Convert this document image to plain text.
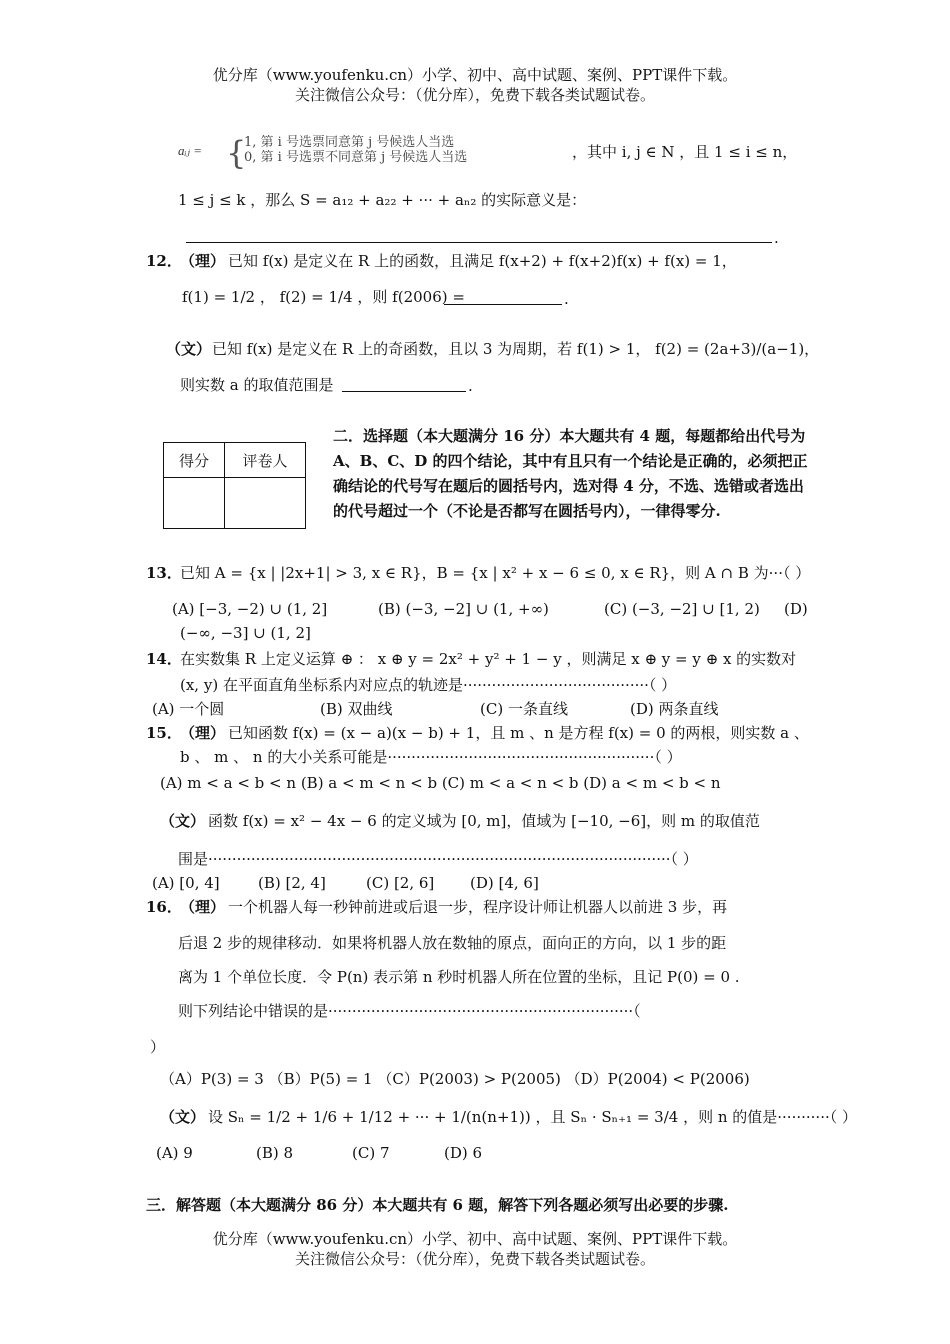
优分库（www.youfenku.cn）小学、初中、高中试题、案例、PPT课件下载。
关注微信公众号：（优分库），免费下载各类试题试卷。
aᵢⱼ = {
1, 第 i 号选票同意第 j 号候选人当选
0, 第 i 号选票不同意第 j 号候选人当选	，其中 i, j ∈ N ，且 1 ≤ i ≤ n，
1 ≤ j ≤ k ，那么 S = a₁₂ + a₂₂ + ··· + aₙ₂ 的实际意义是：
.
12．
（理） 已知 f(x) 是定义在 R 上的函数，且满足 f(x+2) + f(x+2)f(x) + f(x) = 1，
f(1) = 1/2 ， f(2) = 1/4 ，则 f(2006) =	.
（文） 已知 f(x) 是定义在 R 上的奇函数，且以 3 为周期，若 f(1) > 1， f(2) = (2a+3)/(a−1)，
则实数 a 的取值范围是	.
得分	评卷人

二．选择题（本大题满分 16 分）本大题共有 4 题，每题都给出代号为 A、B、C、D 的四个结论，其中有且只有一个结论是正确的，必须把正确结论的代号写在题后的圆括号内，选对得 4 分，不选、选错或者选出的代号超过一个（不论是否都写在圆括号内），一律得零分.
13．
已知 A = {x | |2x+1| > 3, x ∈ R}，B = {x | x² + x − 6 ≤ 0, x ∈ R}，则 A ∩ B 为···（ ）
(A) [−3, −2) ∪ (1, 2]	(B) (−3, −2] ∪ (1, +∞)	(C) (−3, −2] ∪ [1, 2) (D)
(−∞, −3] ∪ (1, 2]
14．
在实数集 R 上定义运算 ⊕ ： x ⊕ y = 2x² + y² + 1 − y ，则满足 x ⊕ y = y ⊕ x 的实数对
(x, y) 在平面直角坐标系内对应点的轨迹是·······································（ ）
(A) 一个圆	(B) 双曲线	(C) 一条直线	(D) 两条直线
15．
（理） 已知函数 f(x) = (x − a)(x − b) + 1，且 m 、n 是方程 f(x) = 0 的两根，则实数 a 、
b 、 m 、 n 的大小关系可能是························································（ ）
(A) m < a < b < n (B) a < m < n < b (C) m < a < n < b (D) a < m < b < n
（文） 函数 f(x) = x² − 4x − 6 的定义域为 [0, m]，值域为 [−10, −6]，则 m 的取值范
围是·································································································（ ）
(A) [0, 4]	(B) [2, 4]	(C) [2, 6] (D) [4, 6]
16．
（理） 一个机器人每一秒钟前进或后退一步，程序设计师让机器人以前进 3 步，再
后退 2 步的规律移动．如果将机器人放在数轴的原点，面向正的方向，以 1 步的距
离为 1 个单位长度．令 P(n) 表示第 n 秒时机器人所在位置的坐标，且记 P(0) = 0 .
则下列结论中错误的是································································（
）
（A）P(3) = 3 （B）P(5) = 1 （C）P(2003) > P(2005) （D）P(2004) < P(2006)
（文） 设 Sₙ = 1/2 + 1/6 + 1/12 + ··· + 1/(n(n+1)) ，且 Sₙ · Sₙ₊₁ = 3/4 ，则 n 的值是···········（ ）
(A) 9	(B) 8	(C) 7	(D) 6
三．解答题（本大题满分 86 分）本大题共有 6 题，解答下列各题必须写出必要的步骤.
优分库（www.youfenku.cn）小学、初中、高中试题、案例、PPT课件下载。
关注微信公众号：（优分库），免费下载各类试题试卷。
